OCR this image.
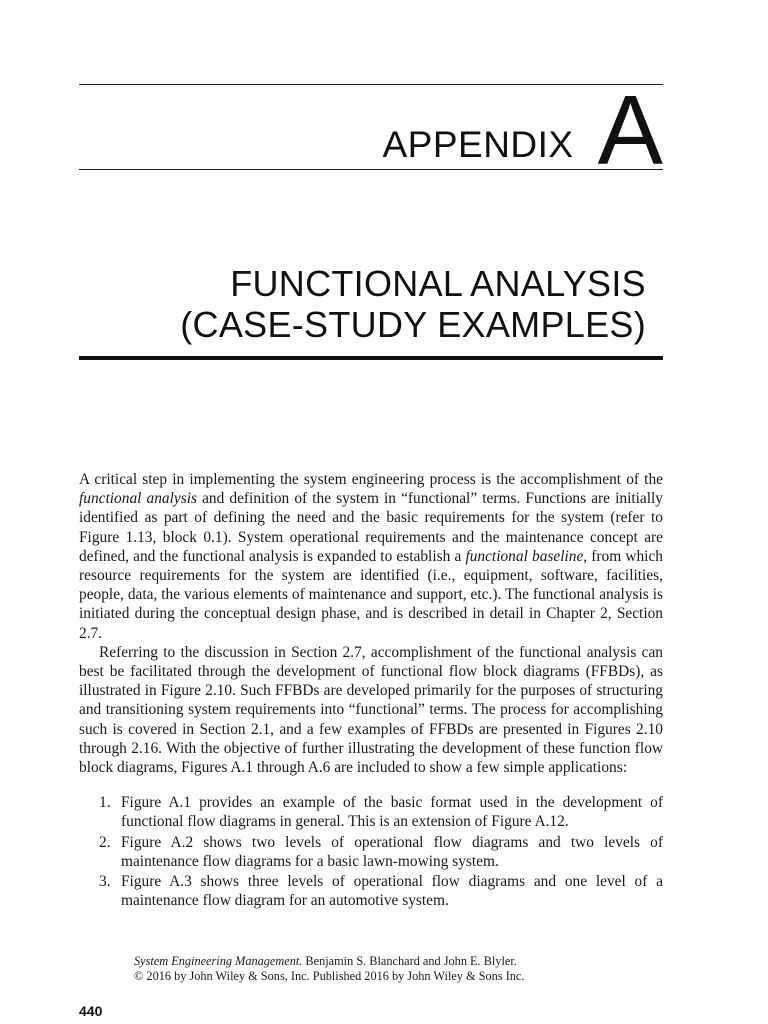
APPENDIX A
FUNCTIONAL ANALYSIS
(CASE-STUDY EXAMPLES)

A critical step in implementing the system engineering process is the accomplishment of the functional analysis and definition of the system in “functional” terms. Functions are initially identified as part of defining the need and the basic requirements for the system (refer to Figure 1.13, block 0.1). System operational requirements and the maintenance concept are defined, and the functional analysis is expanded to establish a functional baseline, from which resource requirements for the system are identified (i.e., equipment, software, facilities, people, data, the various elements of maintenance and support, etc.). The functional analysis is initiated during the conceptual design phase, and is described in detail in Chapter 2, Section 2.7.

Referring to the discussion in Section 2.7, accomplishment of the functional analysis can best be facilitated through the development of functional flow block diagrams (FFBDs), as illustrated in Figure 2.10. Such FFBDs are developed primarily for the purposes of structuring and transitioning system requirements into “functional” terms. The process for accomplishing such is covered in Section 2.1, and a few examples of FFBDs are presented in Figures 2.10 through 2.16. With the objective of further illustrating the development of these function flow block diagrams, Figures A.1 through A.6 are included to show a few simple applications:

1. Figure A.1 provides an example of the basic format used in the development of functional flow diagrams in general. This is an extension of Figure A.12.
2. Figure A.2 shows two levels of operational flow diagrams and two levels of maintenance flow diagrams for a basic lawn-mowing system.
3. Figure A.3 shows three levels of operational flow diagrams and one level of a maintenance flow diagram for an automotive system.
System Engineering Management. Benjamin S. Blanchard and John E. Blyler.
© 2016 by John Wiley & Sons, Inc. Published 2016 by John Wiley & Sons Inc.
440
